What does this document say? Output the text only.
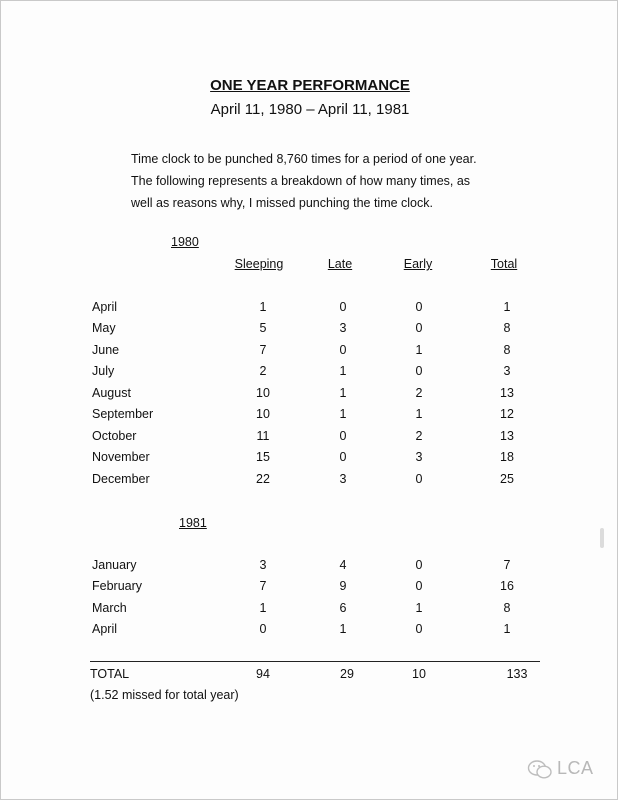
ONE YEAR PERFORMANCE
April 11, 1980 – April 11, 1981
Time clock to be punched 8,760 times for a period of one year.
The following represents a breakdown of how many times, as
well as reasons why, I missed punching the time clock.
1980
Sleeping	Late	Early	Total
April	1	0	0	1
May	5	3	0	8
June	7	0	1	8
July	2	1	0	3
August	10	1	2	13
September	10	1	1	12
October	11	0	2	13
November	15	0	3	18
December	22	3	0	25
1981
January	3	4	0	7
February	7	9	0	16
March	1	6	1	8
April	0	1	0	1
TOTAL	94	29	10	133
(1.52 missed for total year)
LCA
